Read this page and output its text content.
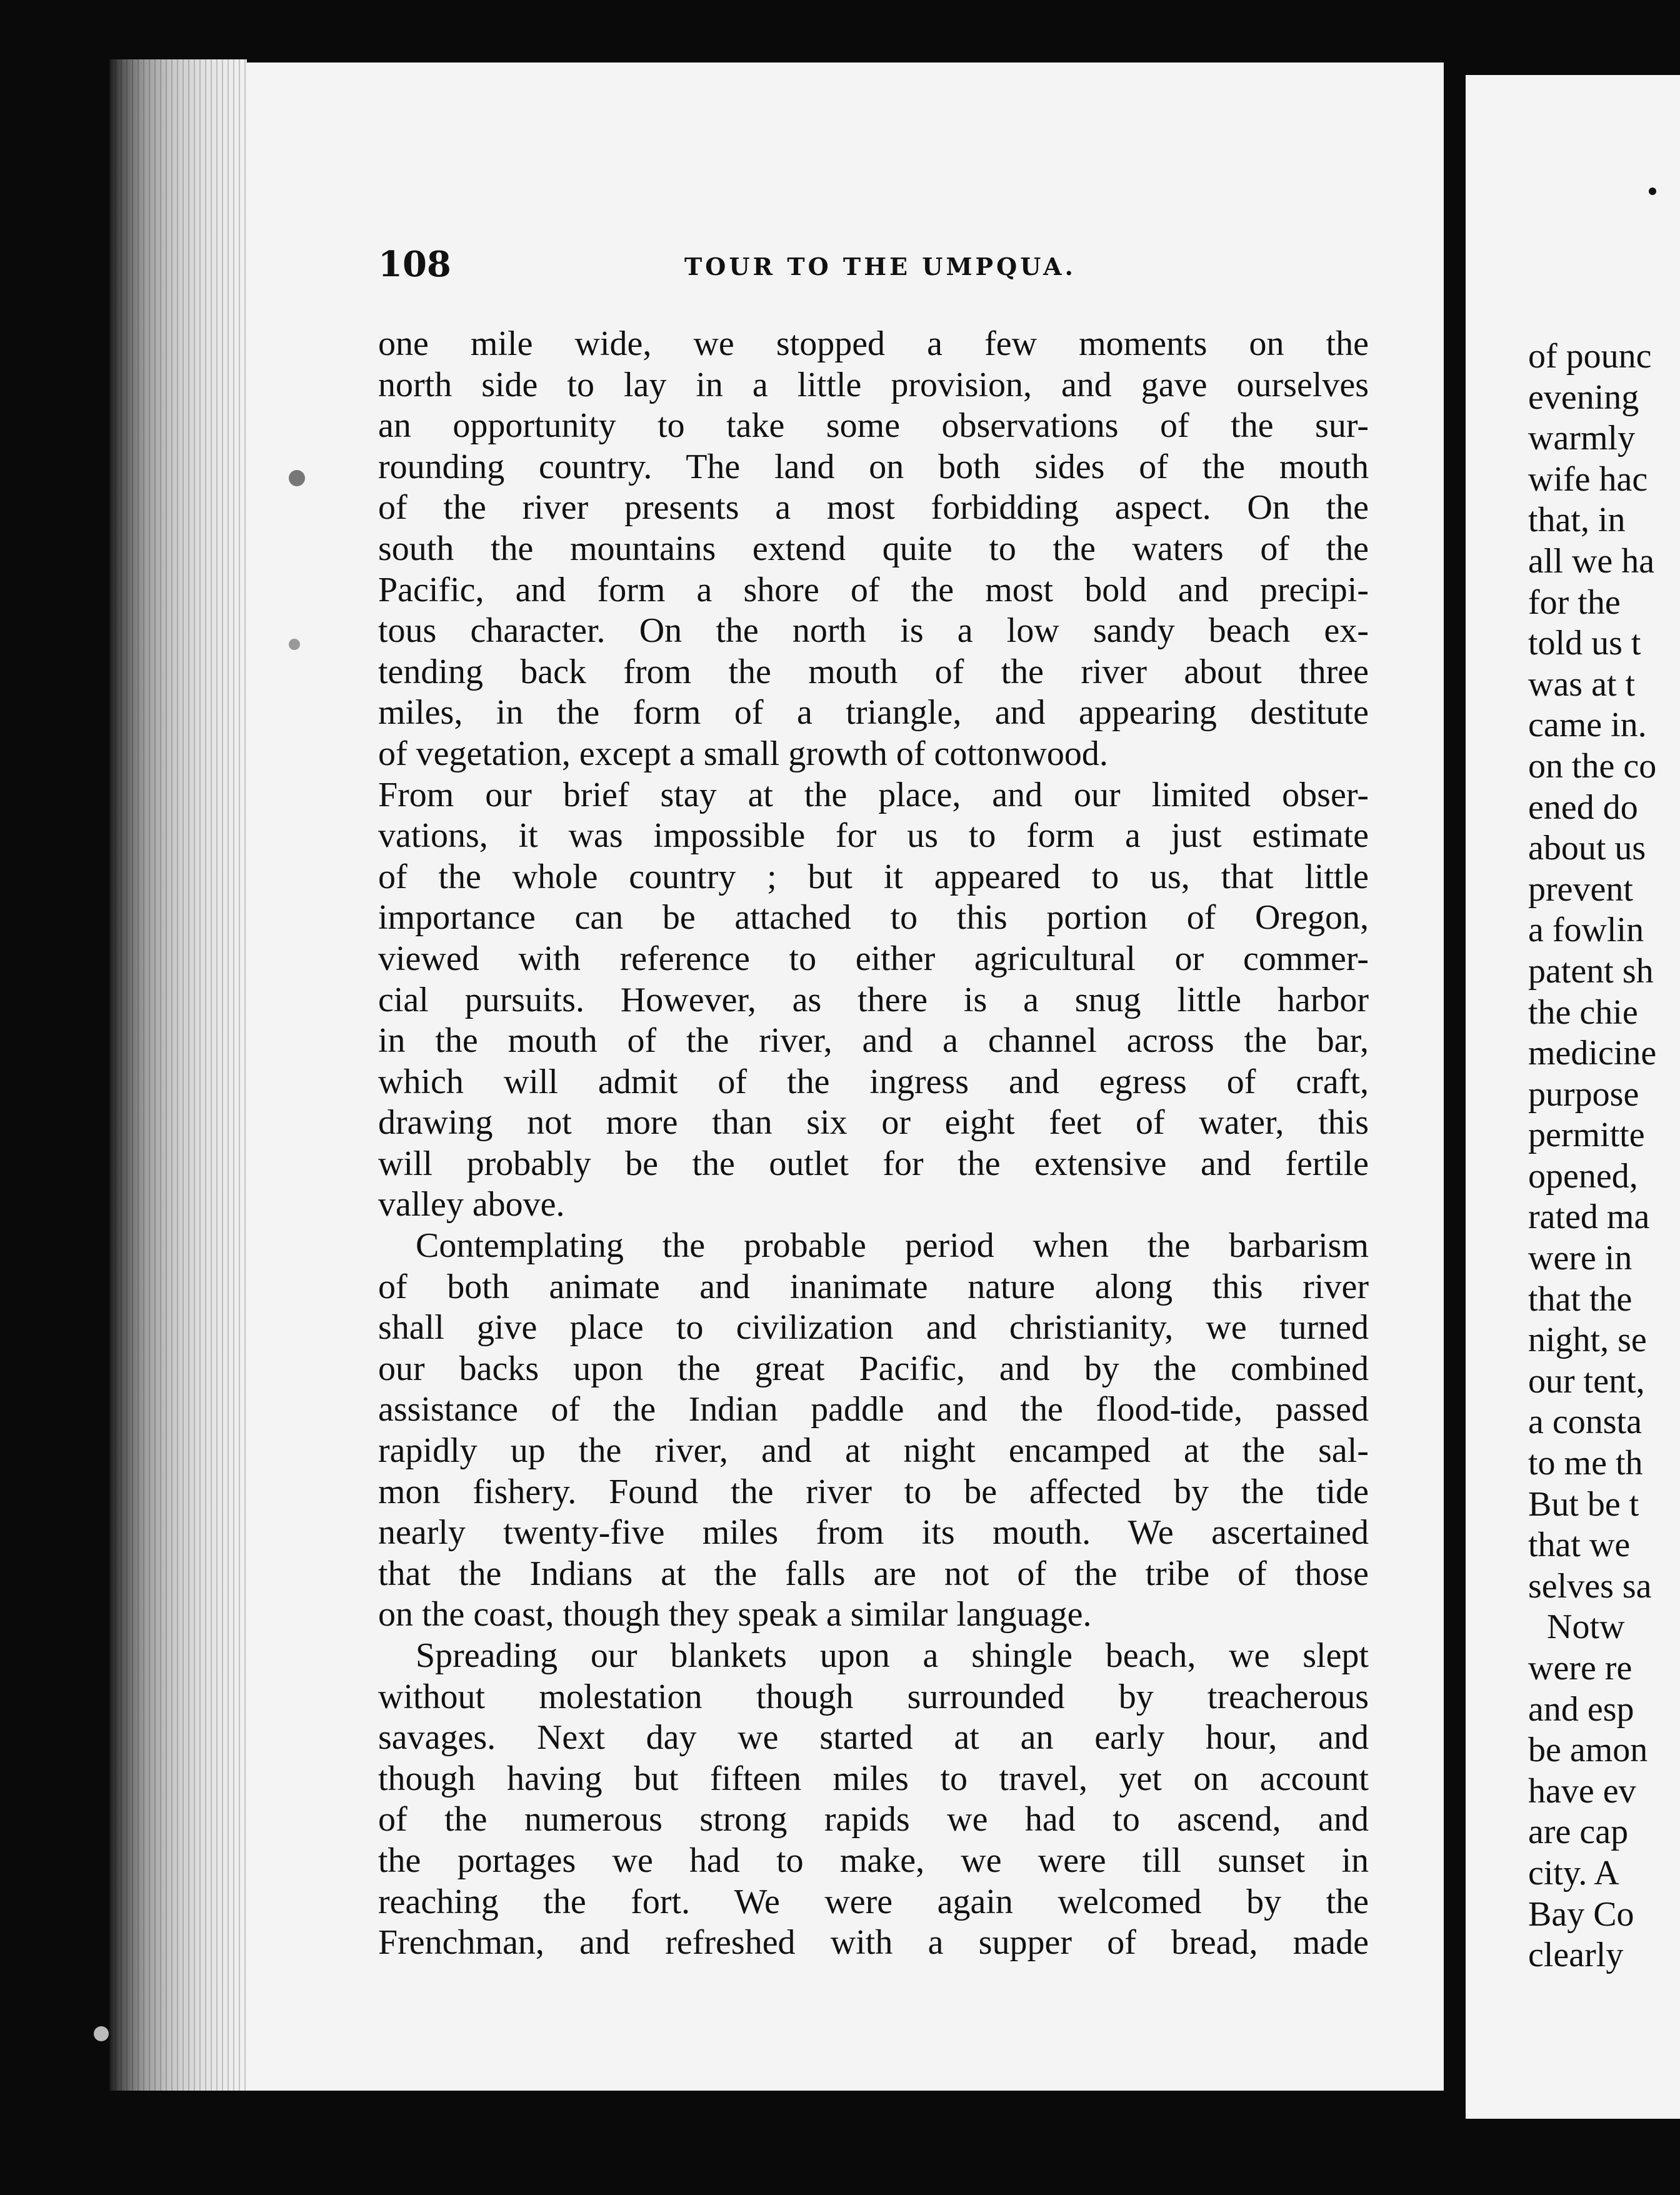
108	TOUR TO THE UMPQUA.
one mile wide, we stopped a few moments on the
north side to lay in a little provision, and gave ourselves
an opportunity to take some observations of the sur-
rounding country. The land on both sides of the mouth
of the river presents a most forbidding aspect. On the
south the mountains extend quite to the waters of the
Pacific, and form a shore of the most bold and precipi-
tous character. On the north is a low sandy beach ex-
tending back from the mouth of the river about three
miles, in the form of a triangle, and appearing destitute
of vegetation, except a small growth of cottonwood.
From our brief stay at the place, and our limited obser-
vations, it was impossible for us to form a just estimate
of the whole country ; but it appeared to us, that little
importance can be attached to this portion of Oregon,
viewed with reference to either agricultural or commer-
cial pursuits. However, as there is a snug little harbor
in the mouth of the river, and a channel across the bar,
which will admit of the ingress and egress of craft,
drawing not more than six or eight feet of water, this
will probably be the outlet for the extensive and fertile
valley above.
Contemplating the probable period when the barbarism
of both animate and inanimate nature along this river
shall give place to civilization and christianity, we turned
our backs upon the great Pacific, and by the combined
assistance of the Indian paddle and the flood-tide, passed
rapidly up the river, and at night encamped at the sal-
mon fishery. Found the river to be affected by the tide
nearly twenty-five miles from its mouth. We ascertained
that the Indians at the falls are not of the tribe of those
on the coast, though they speak a similar language.
Spreading our blankets upon a shingle beach, we slept
without molestation though surrounded by treacherous
savages. Next day we started at an early hour, and
though having but fifteen miles to travel, yet on account
of the numerous strong rapids we had to ascend, and
the portages we had to make, we were till sunset in
reaching the fort. We were again welcomed by the
Frenchman, and refreshed with a supper of bread, made
of pounc
evening
warmly
wife hac
that, in
all we ha
for the
told us t
was at t
came in.
on the co
ened do
about us
prevent
a fowlin
patent sh
the chie
medicine
purpose
permitte
opened,
rated ma
were in
that the
night, se
our tent,
a consta
to me th
But be t
that we
selves sa
Notw
were re
and esp
be amon
have ev
are cap
city. A
Bay Co
clearly
